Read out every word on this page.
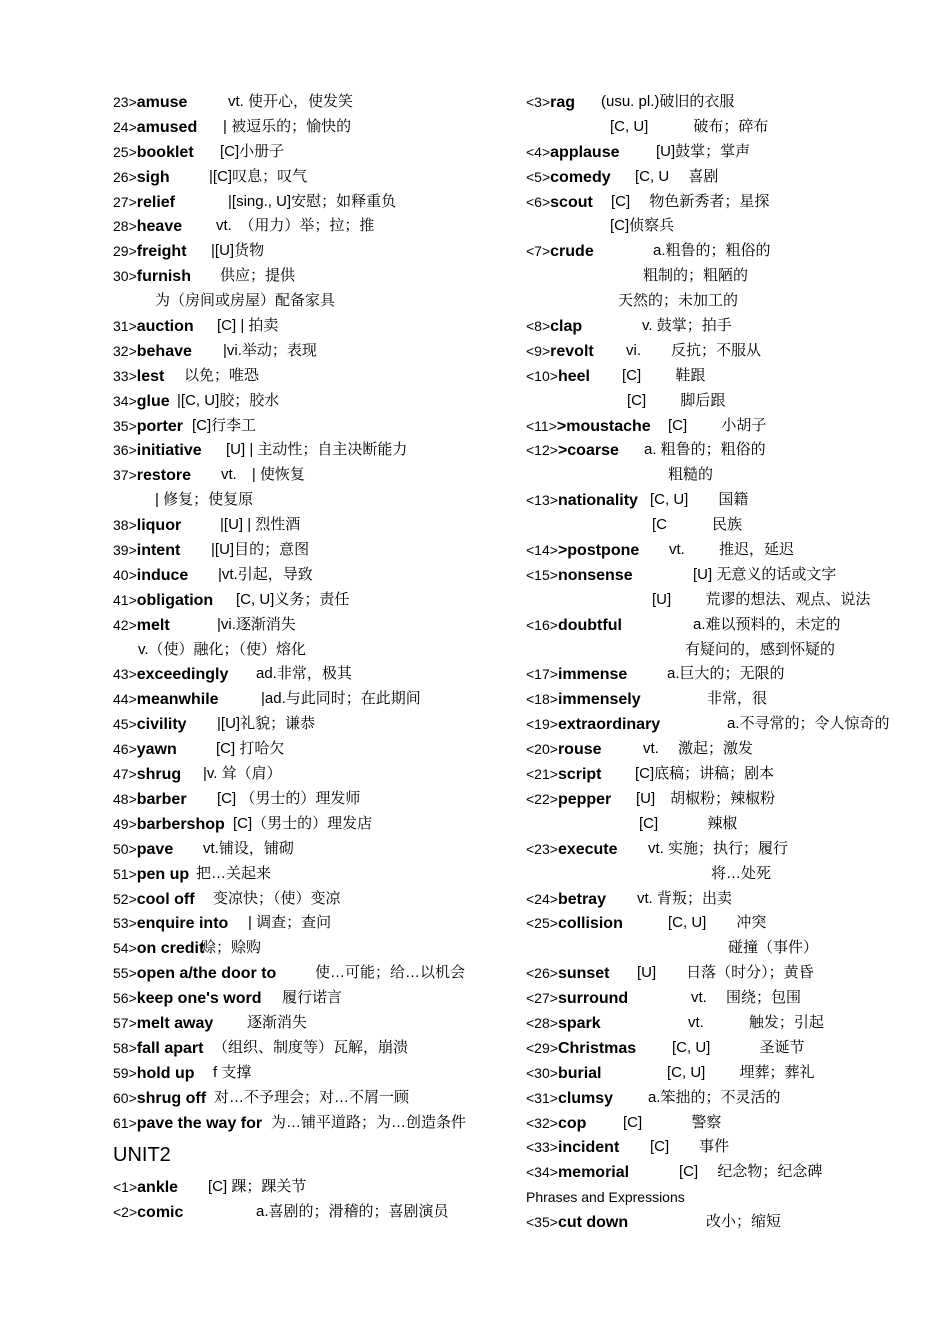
23>amuse	vt. 使开心，使发笑
24>amused | 被逗乐的；愉快的
25>booklet [C]小册子
26>sigh	|[C]叹息；叹气
27>relief	|[sing., U]安慰；如释重负
28>heave vt.　（用力）举；拉；推
29>freight |[U]货物
30>furnish 供应；提供
为（房间或房屋）配备家具
31>auction [C] | 拍卖
32>behave |vi.举动；表现
33>lest 以免；唯恐
34>glue |[C, U]胶；胶水
35>porter [C]行李工
36>initiative [U] | 主动性；自主决断能力
37>restore vt.　| 使恢复
| 修复；使复原
38>liquor	|[U] | 烈性酒
39>intent |[U]目的；意图
40>induce |vt.引起，导致
41>obligation [C, U]义务；责任
42>melt	|vi.逐渐消失
v.（使）融化；（使）熔化
43>exceedingly ad.非常，极其
44>meanwhile	|ad.与此同时；在此期间
45>civility |[U]礼貌；谦恭
46>yawn	[C] 打哈欠
47>shrug |v. 耸（肩）
48>barber [C] （男士的）理发师
49>barbershop [C]（男士的）理发店
50>pave vt.铺设，铺砌
51>pen up 把…关起来
52>cool off 变凉快；（使）变凉
53>enquire into | 调查；查问
54>on credit
赊；赊购
55>open a/the door to	使…可能；给…以机会
56>keep one's word 履行诺言
57>melt away 逐渐消失
58>fall apart （组织、制度等）瓦解，崩溃
59>hold up f 支撑
60>shrug off 对…不予理会；对…不屑一顾
61>pave the way for 为…铺平道路；为…创造条件
UNIT2
<1>ankle [C] 踝；踝关节
<2>comic	a.喜剧的；滑稽的；喜剧演员
<3>rag (usu. pl.)破旧的衣服
[C, U]　　　破布；碎布
<4>applause [U]鼓掌；掌声
<5>comedy [C, U　 喜剧
<6>scout [C]　 物色新秀者；星探
[C]侦察兵
<7>crude	a.粗鲁的；粗俗的
粗制的；粗陋的
天然的；未加工的
<8>clap	v. 鼓掌；拍手
<9>revolt vi.　　反抗；不服从
<10>heel [C]　　 鞋跟
[C]　　 脚后跟
<11>>moustache [C]　　 小胡子
<12>>coarse a. 粗鲁的；粗俗的
粗糙的
<13>nationality [C, U]　　国籍
[C　　　民族
<14>>postpone vt.　　 推迟，延迟
<15>nonsense	[U] 无意义的话或文字
[U]　　 荒谬的想法、观点、说法
<16>doubtful	a.难以预料的，未定的
有疑问的，感到怀疑的
<17>immense	a.巨大的；无限的
<18>immensely	非常，很
<19>extraordinary	a.不寻常的；令人惊奇的
<20>rouse	vt.　 激起；激发
<21>script [C]底稿；讲稿；剧本
<22>pepper [U]　胡椒粉；辣椒粉
[C]　　　 辣椒
<23>execute vt. 实施；执行；履行
将…处死
<24>betray vt. 背叛；出卖
<25>collision	[C, U]　　冲突
碰撞（事件）
<26>sunset [U]　　日落（时分）；黄昏
<27>surround	vt.　 围绕；包围
<28>spark	vt.　　　触发；引起
<29>Christmas [C, U]　　　 圣诞节
<30>burial	[C, U]　　 埋葬；葬礼
<31>clumsy a.笨拙的；不灵活的
<32>cop [C]　　　 警察
<33>incident [C]　　事件
<34>memorial	[C]　 纪念物；纪念碑
Phrases and Expressions
<35>cut down	改小；缩短
